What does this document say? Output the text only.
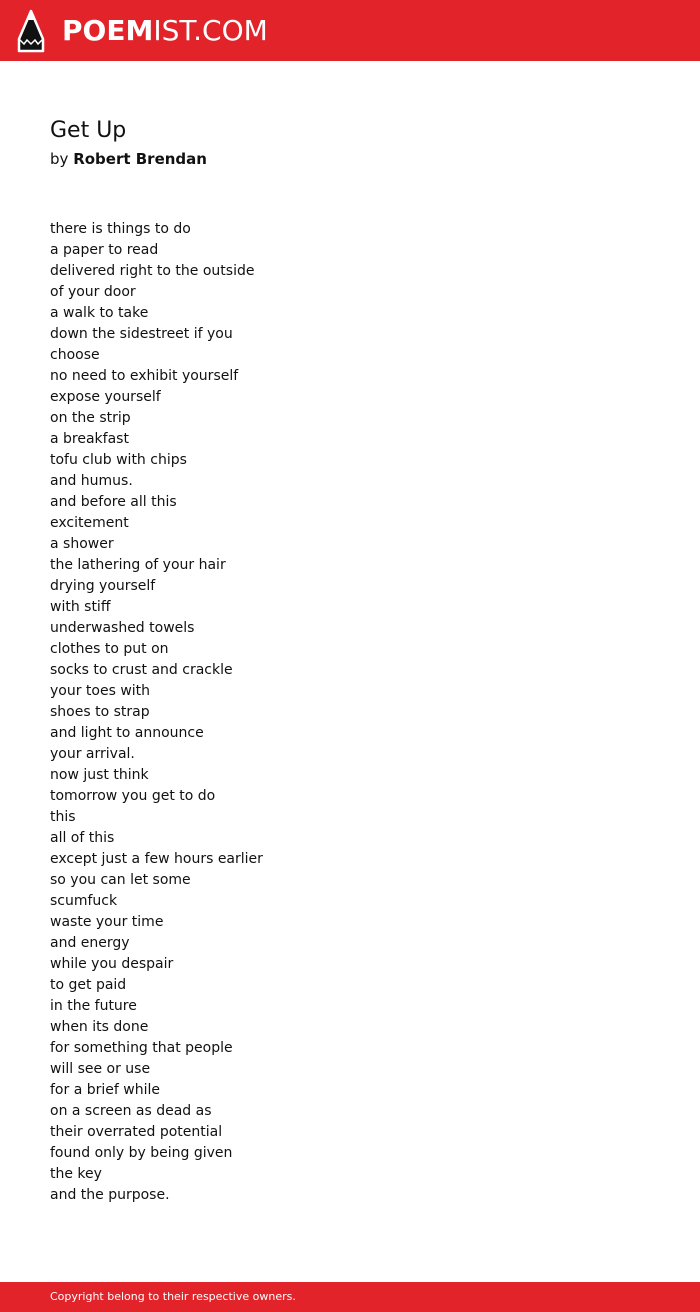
POEMIST.COM
Get Up
by Robert Brendan
there is things to do
a paper to read
delivered right to the outside
of your door
a walk to take
down the sidestreet if you
choose
no need to exhibit yourself
expose yourself
on the strip
a breakfast
tofu club with chips
and humus.
and before all this
excitement
a shower
the lathering of your hair
drying yourself
with stiff
underwashed towels
clothes to put on
socks to crust and crackle
your toes with
shoes to strap
and light to announce
your arrival.
now just think
tomorrow you get to do
this
all of this
except just a few hours earlier
so you can let some
scumfuck
waste your time
and energy
while you despair
to get paid
in the future
when its done
for something that people
will see or use
for a brief while
on a screen as dead as
their overrated potential
found only by being given
the key
and the purpose.
Copyright belong to their respective owners.
